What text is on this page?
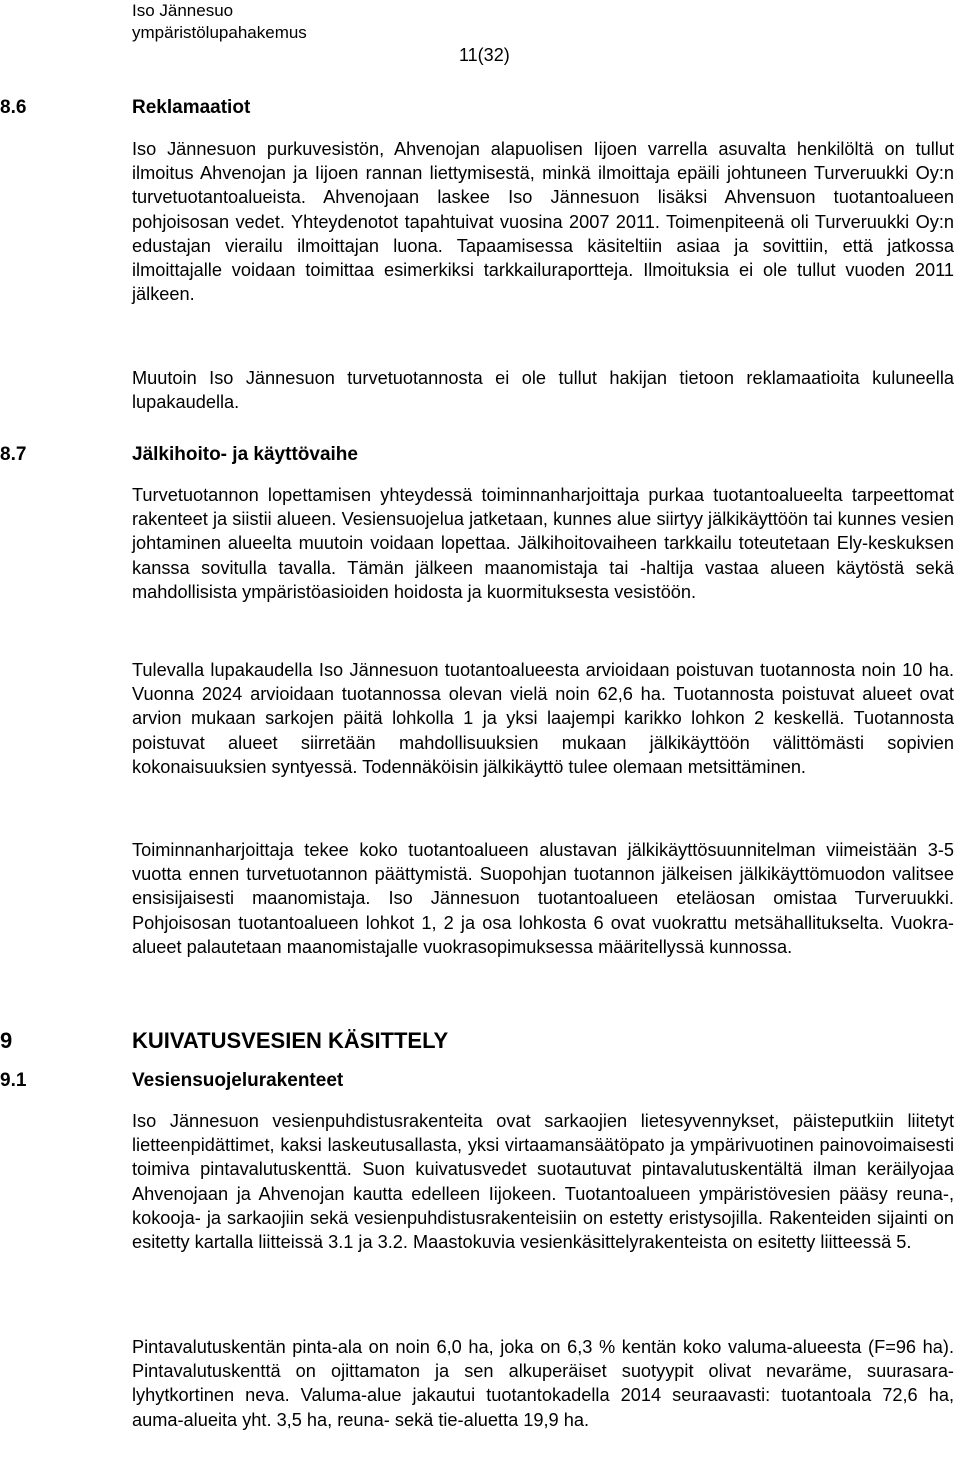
Iso Jännesuo
ympäristölupahakemus
11(32)
8.6	Reklamaatiot
Iso Jännesuon purkuvesistön, Ahvenojan alapuolisen Iijoen varrella asuvalta henkilöltä on tullut ilmoitus Ahvenojan ja Iijoen rannan liettymisestä, minkä ilmoittaja epäili johtuneen Turveruukki Oy:n turvetuotantoalueista. Ahvenojaan laskee Iso Jännesuon lisäksi Ahvensuon tuotantoalueen pohjoisosan vedet. Yhteydenotot tapahtuivat vuosina 2007 2011. Toimenpiteenä oli Turveruukki Oy:n edustajan vierailu ilmoittajan luona. Tapaamisessa käsiteltiin asiaa ja sovittiin, että jatkossa ilmoittajalle voidaan toimittaa esimerkiksi tarkkailuraportteja. Ilmoituksia ei ole tullut vuoden 2011 jälkeen.
Muutoin Iso Jännesuon turvetuotannosta ei ole tullut hakijan tietoon reklamaatioita kuluneella lupakaudella.
8.7	Jälkihoito- ja käyttövaihe
Turvetuotannon lopettamisen yhteydessä toiminnanharjoittaja purkaa tuotantoalueelta tarpeettomat rakenteet ja siistii alueen. Vesiensuojelua jatketaan, kunnes alue siirtyy jälkikäyttöön tai kunnes vesien johtaminen alueelta muutoin voidaan lopettaa. Jälkihoitovaiheen tarkkailu toteutetaan Ely-keskuksen kanssa sovitulla tavalla. Tämän jälkeen maanomistaja tai -haltija vastaa alueen käytöstä sekä mahdollisista ympäristöasioiden hoidosta ja kuormituksesta vesistöön.
Tulevalla lupakaudella Iso Jännesuon tuotantoalueesta arvioidaan poistuvan tuotannosta noin 10 ha. Vuonna 2024 arvioidaan tuotannossa olevan vielä noin 62,6 ha. Tuotannosta poistuvat alueet ovat arvion mukaan sarkojen päitä lohkolla 1 ja yksi laajempi karikko lohkon 2 keskellä. Tuotannosta poistuvat alueet siirretään mahdollisuuksien mukaan jälkikäyttöön välittömästi sopivien kokonaisuuksien syntyessä. Todennäköisin jälkikäyttö tulee olemaan metsittäminen.
Toiminnanharjoittaja tekee koko tuotantoalueen alustavan jälkikäyttösuunnitelman viimeistään 3-5 vuotta ennen turvetuotannon päättymistä. Suopohjan tuotannon jälkeisen jälkikäyttömuodon valitsee ensisijaisesti maanomistaja. Iso Jännesuon tuotantoalueen eteläosan omistaa Turveruukki. Pohjoisosan tuotantoalueen lohkot 1, 2 ja osa lohkosta 6 ovat vuokrattu metsähallitukselta. Vuokra-alueet palautetaan maanomistajalle vuokrasopimuksessa määritellyssä kunnossa.
9	KUIVATUSVESIEN KÄSITTELY
9.1	Vesiensuojelurakenteet
Iso Jännesuon vesienpuhdistusrakenteita ovat sarkaojien lietesyvennykset, päisteputkiin liitetyt lietteenpidättimet, kaksi laskeutusallasta, yksi virtaamansäätöpato ja ympärivuotinen painovoimaisesti toimiva pintavalutuskenttä. Suon kuivatusvedet suotautuvat pintavalutuskentältä ilman keräilyojaa Ahvenojaan ja Ahvenojan kautta edelleen Iijokeen. Tuotantoalueen ympäristövesien pääsy reuna-, kokooja- ja sarkaojiin sekä vesienpuhdistusrakenteisiin on estetty eristysojilla. Rakenteiden sijainti on esitetty kartalla liitteissä 3.1 ja 3.2. Maastokuvia vesienkäsittelyrakenteista on esitetty liitteessä 5.
Pintavalutuskentän pinta-ala on noin 6,0 ha, joka on 6,3 % kentän koko valuma-alueesta (F=96 ha). Pintavalutuskenttä on ojittamaton ja sen alkuperäiset suotyypit olivat nevaräme, suurasara- lyhytkortinen neva. Valuma-alue jakautui tuotantokadella 2014 seuraavasti: tuotantoala 72,6 ha, auma-alueita yht. 3,5 ha, reuna- sekä tie-aluetta 19,9 ha.
